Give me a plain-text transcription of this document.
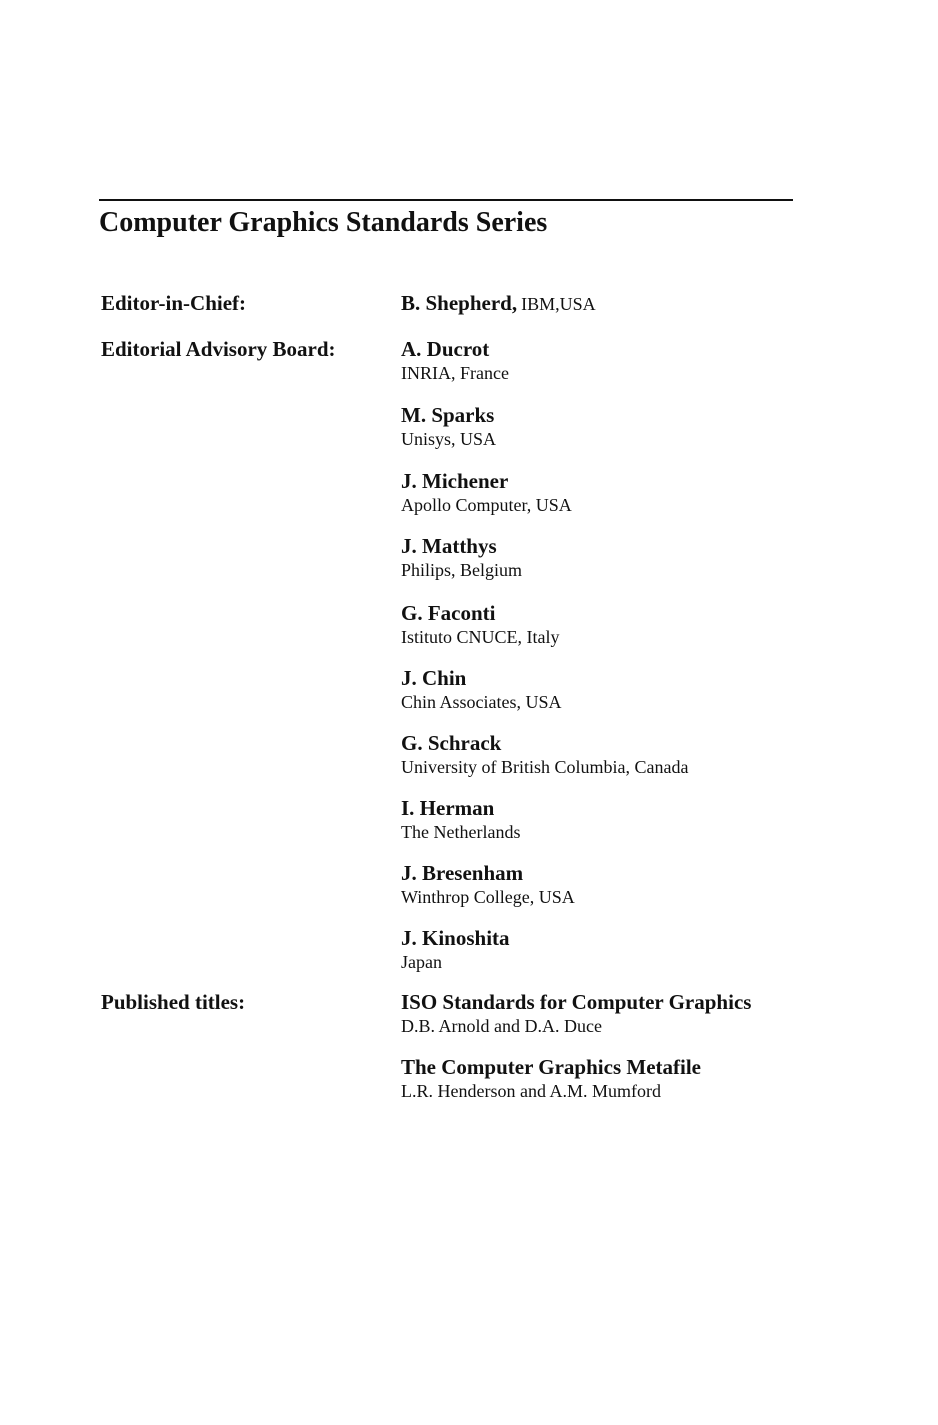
Computer Graphics Standards Series
Editor-in-Chief:	B. Shepherd, IBM,USA
Editorial Advisory Board:	A. Ducrot
INRIA, France
M. Sparks
Unisys, USA
J. Michener
Apollo Computer, USA
J. Matthys
Philips, Belgium
G. Faconti
Istituto CNUCE, Italy
J. Chin
Chin Associates, USA
G. Schrack
University of British Columbia, Canada
I. Herman
The Netherlands
J. Bresenham
Winthrop College, USA
J. Kinoshita
Japan
Published titles:	ISO Standards for Computer Graphics
D.B. Arnold and D.A. Duce
The Computer Graphics Metafile
L.R. Henderson and A.M. Mumford
